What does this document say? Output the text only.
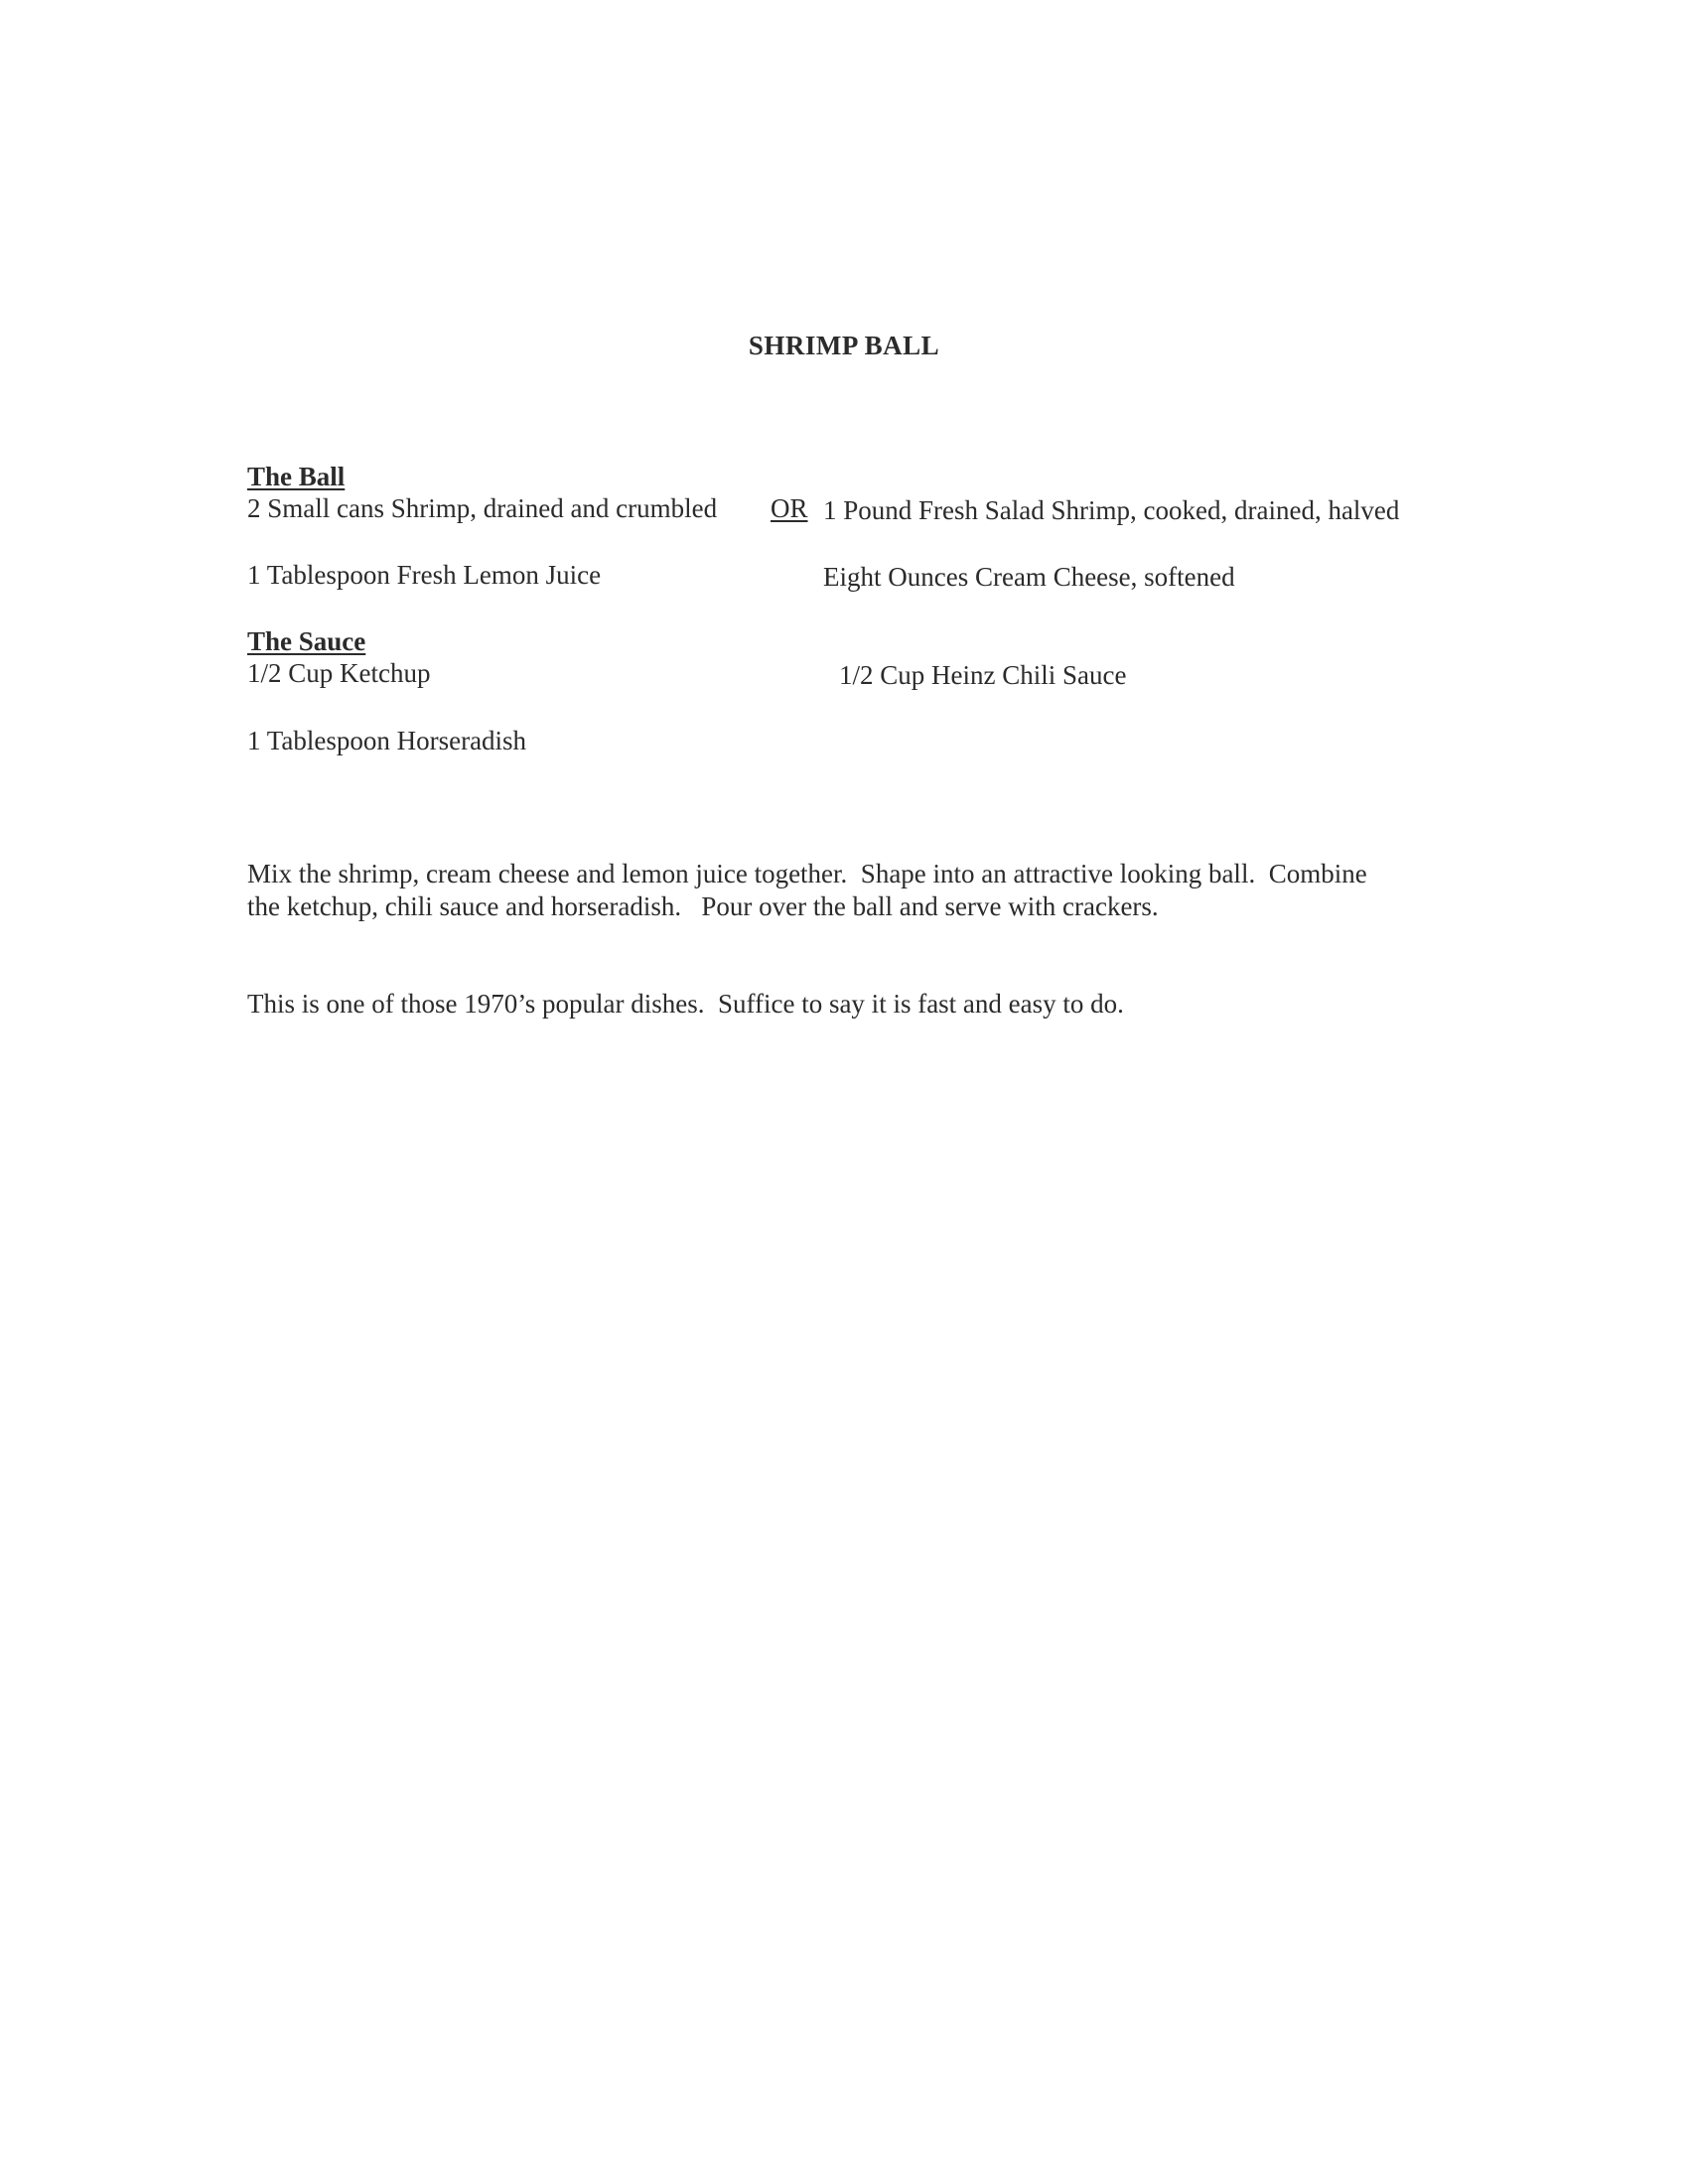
SHRIMP BALL
The Ball
2 Small cans Shrimp, drained and crumbled OR 1 Pound Fresh Salad Shrimp, cooked, drained, halved
1 Tablespoon Fresh Lemon Juice	Eight Ounces Cream Cheese, softened
The Sauce
1/2 Cup Ketchup	1/2 Cup Heinz Chili Sauce
1 Tablespoon Horseradish
Mix the shrimp, cream cheese and lemon juice together.  Shape into an attractive looking ball.  Combine
the ketchup, chili sauce and horseradish.   Pour over the ball and serve with crackers.
This is one of those 1970’s popular dishes.  Suffice to say it is fast and easy to do.
